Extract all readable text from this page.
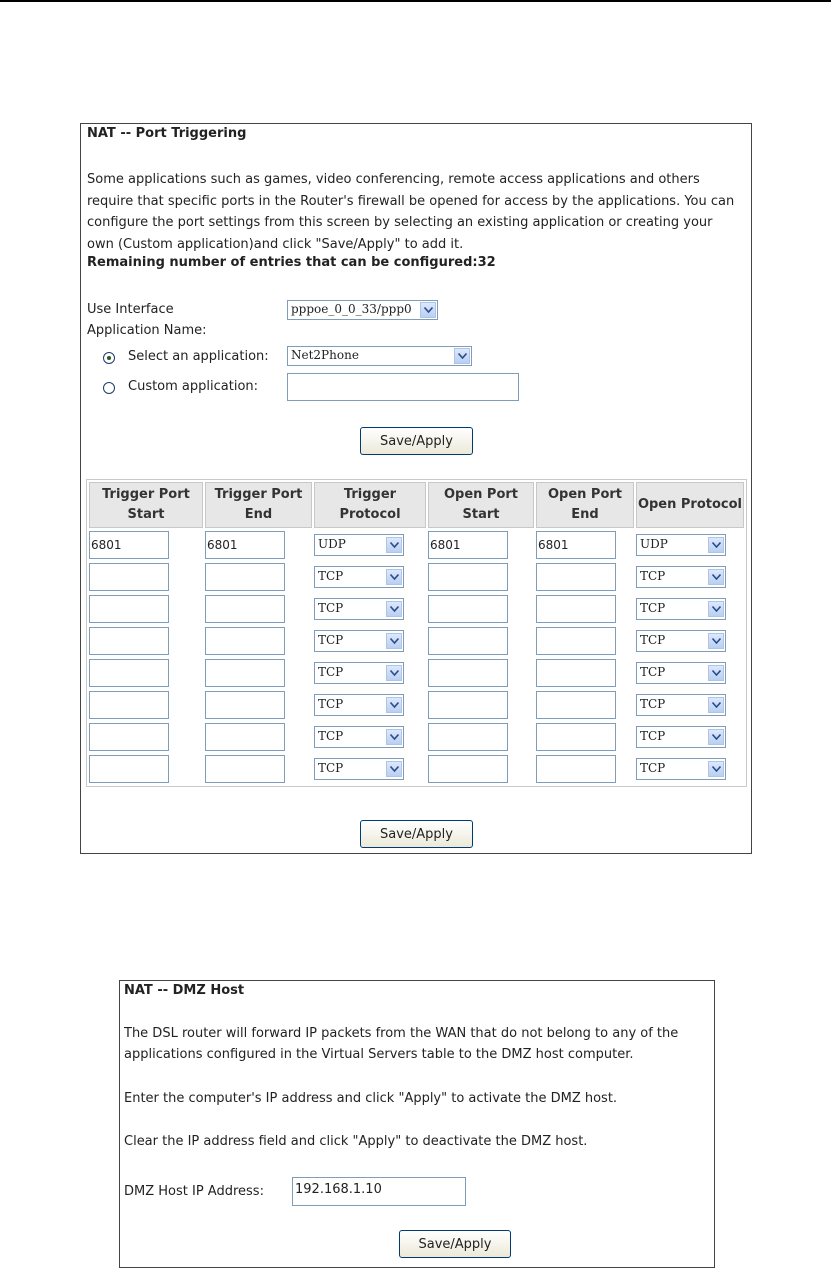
NAT -- Port Triggering
Some applications such as games, video conferencing, remote access applications and others require that specific ports in the Router's firewall be opened for access by the applications. You can configure the port settings from this screen by selecting an existing application or creating your own (Custom application)and click "Save/Apply" to add it.
Remaining number of entries that can be configured:32
Use Interface	pppoe_0_0_33/ppp0
Application Name:
Select an application: Net2Phone
Custom application:
Save/Apply
Trigger Port Start	Trigger Port End	Trigger Protocol	Open Port Start	Open Port End	Open Protocol

6801	6801	UDP	6801	6801	UDP

		TCP			TCP

		TCP			TCP

		TCP			TCP

		TCP			TCP

		TCP			TCP

		TCP			TCP

		TCP			TCP
Save/Apply
NAT -- DMZ Host
The DSL router will forward IP packets from the WAN that do not belong to any of the applications configured in the Virtual Servers table to the DMZ host computer.
Enter the computer's IP address and click "Apply" to activate the DMZ host.
Clear the IP address field and click "Apply" to deactivate the DMZ host.
DMZ Host IP Address: 192.168.1.10
Save/Apply
